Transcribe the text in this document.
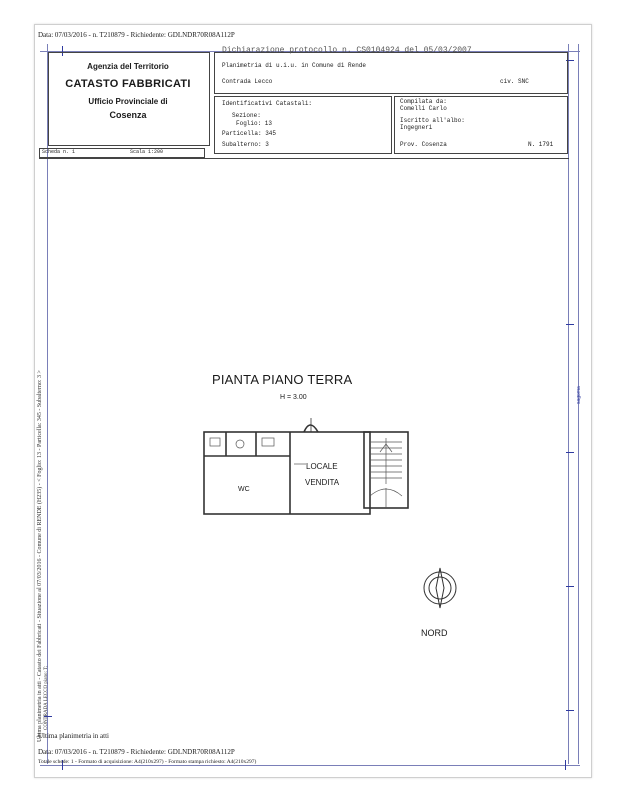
Data: 07/03/2016 - n. T210879 - Richiedente: GDLNDR70R08A112P
Agenzia del Territorio
CATASTO FABBRICATI
Ufficio Provinciale di
Cosenza
Dichiarazione protocollo n. CS0104924 del 05/03/2007
Planimetria di u.i.u. in Comune di Rende
Contrada Lecco	civ. SNC
Identificativi Catastali:
Sezione:
Foglio: 13
Particella: 345
Subalterno: 3
Compilata da:
Comelli Carlo
Iscritto all'albo:
Ingegneri
Prov. Cosenza	N. 1791
Scheda n. 1	Scala 1:200
PIANTA PIANO TERRA
H = 3.00
WC
LOCALE
VENDITA
NORD
Ultima planimetria in atti - Catasto dei Fabbricati - Situazione al 07/03/2016 - Comune di RENDE (H235) - < Foglio: 13 - Particella: 345 - Subalterno: 3 > CONTRADA LECCO piano: T;
sagoma
Ultima planimetria in atti
Data: 07/03/2016 - n. T210879 - Richiedente: GDLNDR70R08A112P
Totale schede: 1 - Formato di acquisizione: A4(210x297) - Formato stampa richiesto: A4(210x297)
